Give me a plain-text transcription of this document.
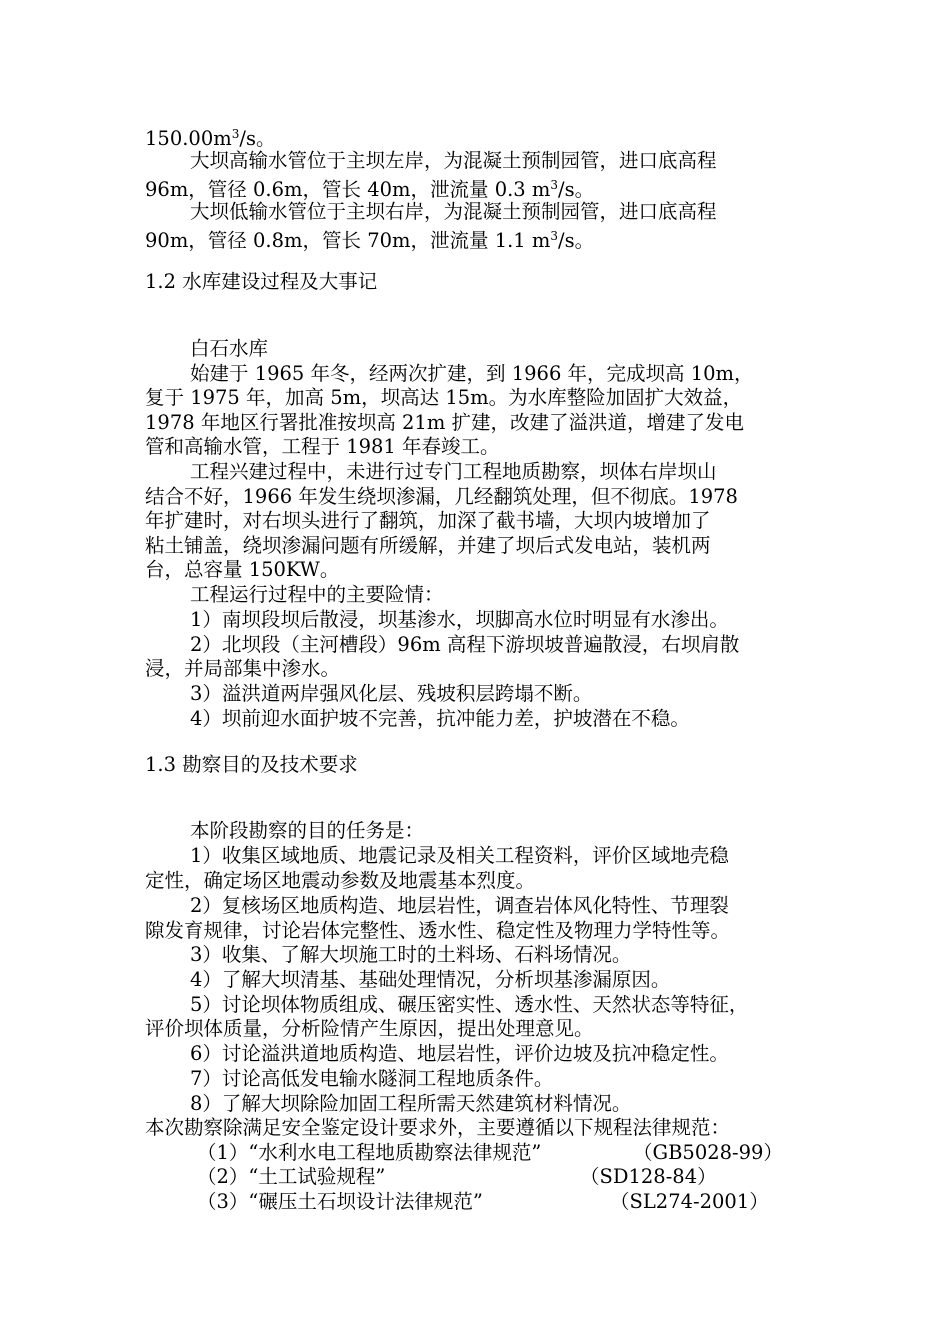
$150.00m^3/s$。
大坝高输水管位于主坝左岸，为混凝土预制园管，进口底高程
96m，管径 0.6m，管长 40m，泄流量 0.3 $m^3/s$。
大坝低输水管位于主坝右岸，为混凝土预制园管，进口底高程
90m，管径 0.8m，管长 70m，泄流量 1.1 $m^3/s$。
1.2 水库建设过程及大事记
白石水库
始建于 1965 年冬，经两次扩建，到 1966 年，完成坝高 10m，
复于 1975 年，加高 5m，坝高达 15m。为水库整险加固扩大效益，
1978 年地区行署批准按坝高 21m 扩建，改建了溢洪道，增建了发电
管和高输水管，工程于 1981 年春竣工。
工程兴建过程中，未进行过专门工程地质勘察，坝体右岸坝山
结合不好，1966 年发生绕坝渗漏，几经翻筑处理，但不彻底。1978
年扩建时，对右坝头进行了翻筑，加深了截书墙，大坝内坡增加了
粘土铺盖，绕坝渗漏问题有所缓解，并建了坝后式发电站，装机两
台，总容量 150KW。
工程运行过程中的主要险情：
1）南坝段坝后散浸，坝基渗水，坝脚高水位时明显有水渗出。
2）北坝段（主河槽段）96m 高程下游坝坡普遍散浸，右坝肩散
浸，并局部集中渗水。
3）溢洪道两岸强风化层、残坡积层跨塌不断。
4）坝前迎水面护坡不完善，抗冲能力差，护坡潜在不稳。
1.3 勘察目的及技术要求
本阶段勘察的目的任务是：
1）收集区域地质、地震记录及相关工程资料，评价区域地壳稳
定性，确定场区地震动参数及地震基本烈度。
2）复核场区地质构造、地层岩性，调查岩体风化特性、节理裂
隙发育规律，讨论岩体完整性、透水性、稳定性及物理力学特性等。
3）收集、了解大坝施工时的土料场、石料场情况。
4）了解大坝清基、基础处理情况，分析坝基渗漏原因。
5）讨论坝体物质组成、碾压密实性、透水性、天然状态等特征，
评价坝体质量，分析险情产生原因，提出处理意见。
6）讨论溢洪道地质构造、地层岩性，评价边坡及抗冲稳定性。
7）讨论高低发电输水隧洞工程地质条件。
8）了解大坝除险加固工程所需天然建筑材料情况。
本次勘察除满足安全鉴定设计要求外，主要遵循以下规程法律规范：
（1）“水利水电工程地质勘察法律规范”	（GB5028-99）
（2）“土工试验规程”	（SD128-84）
（3）“碾压土石坝设计法律规范”	（SL274-2001）
